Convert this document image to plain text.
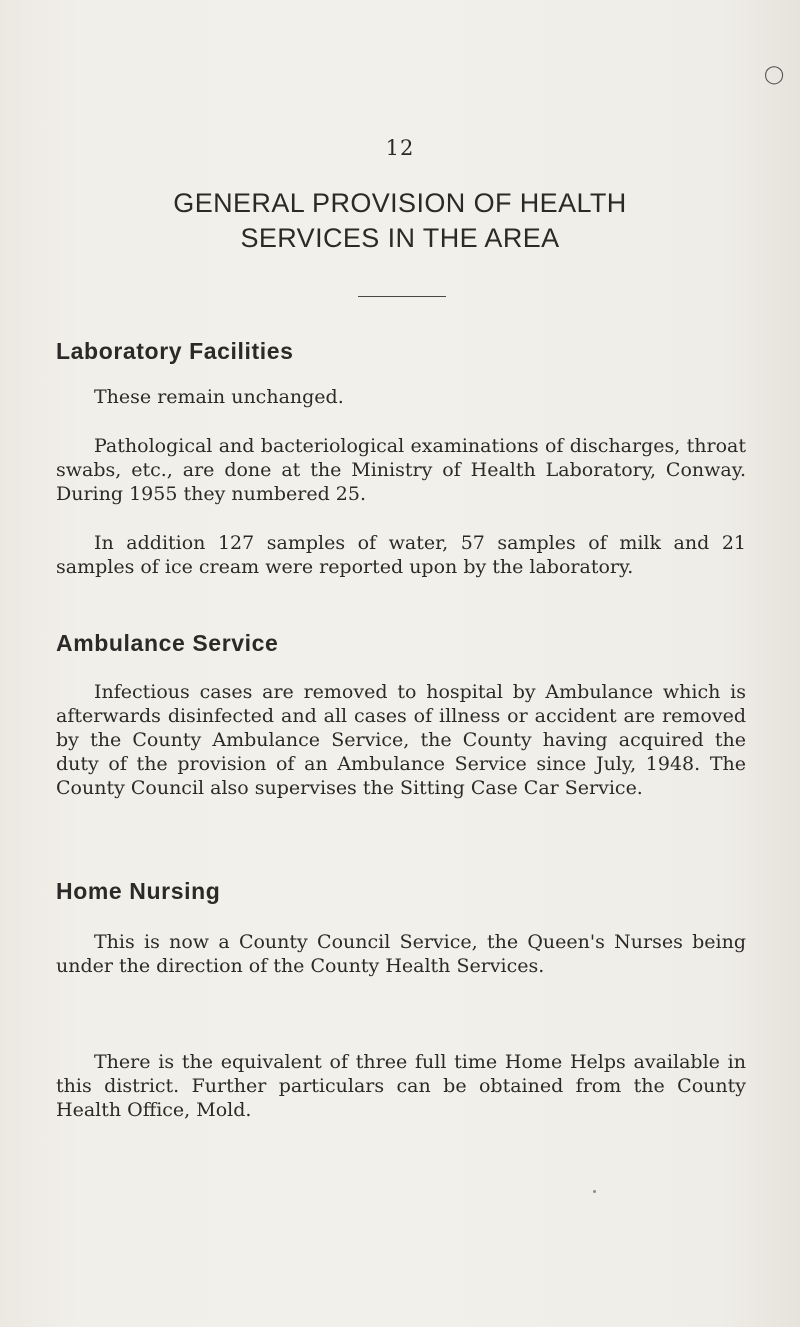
◯
12
GENERAL PROVISION OF HEALTH
SERVICES IN THE AREA
Laboratory Facilities

These remain unchanged.

Pathological and bacteriological examinations of discharges, throat swabs, etc., are done at the Ministry of Health Laboratory, Conway. During 1955 they numbered 25.

In addition 127 samples of water, 57 samples of milk and 21 samples of ice cream were reported upon by the laboratory.

Ambulance Service

Infectious cases are removed to hospital by Ambulance which is afterwards disinfected and all cases of illness or accident are removed by the County Ambulance Service, the County having acquired the duty of the provision of an Ambulance Service since July, 1948. The County Council also supervises the Sitting Case Car Service.

Home Nursing

This is now a County Council Service, the Queen's Nurses being under the direction of the County Health Services.

There is the equivalent of three full time Home Helps available in this district. Further particulars can be obtained from the County Health Office, Mold.
